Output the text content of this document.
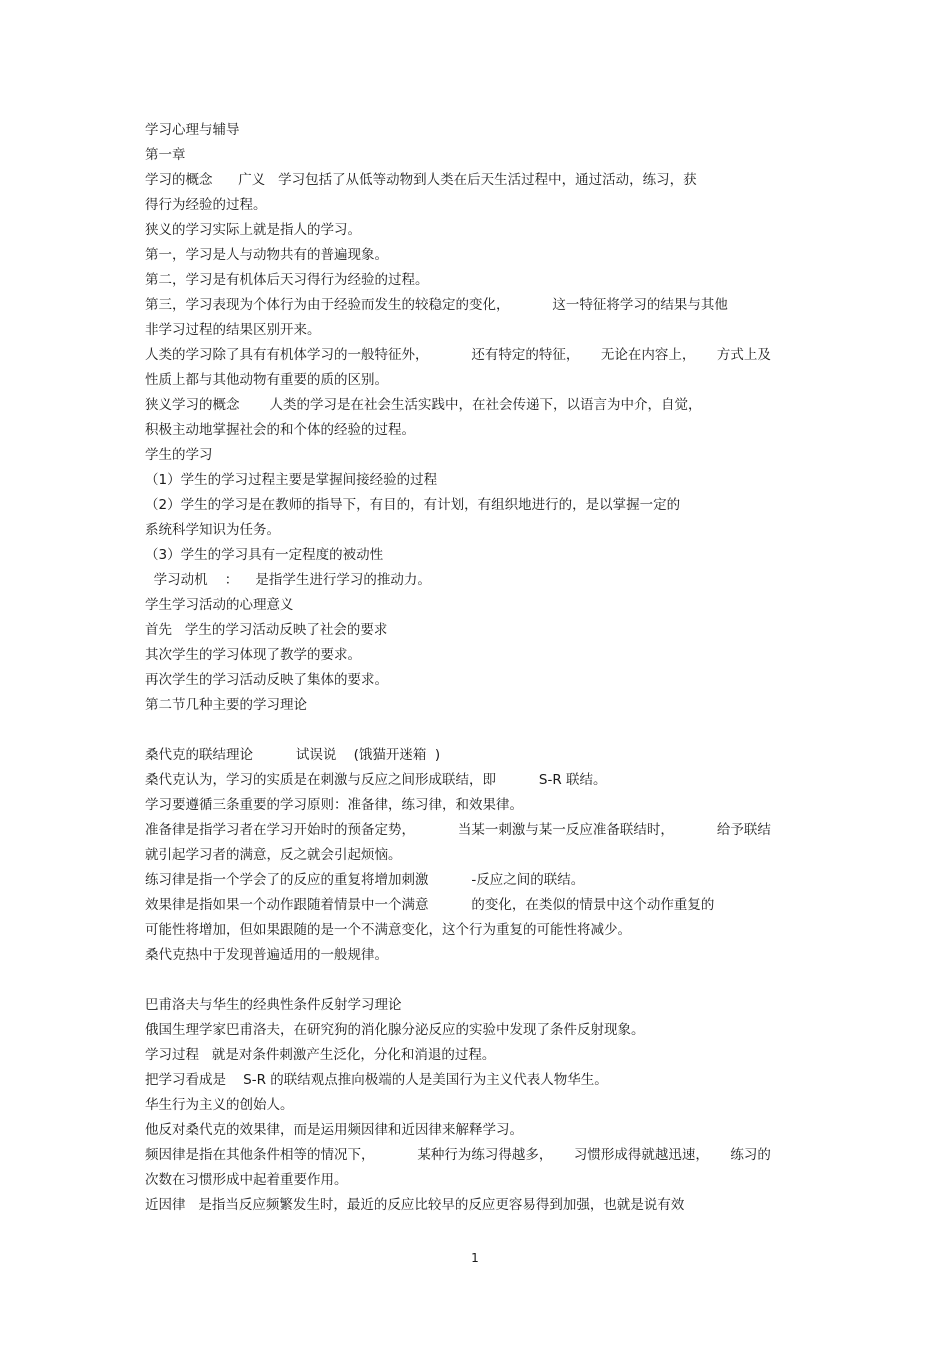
学习心理与辅导
第一章
学习的概念      广义   学习包括了从低等动物到人类在后天生活过程中，通过活动，练习，获
得行为经验的过程。
狭义的学习实际上就是指人的学习。
第一，学习是人与动物共有的普遍现象。
第二，学习是有机体后天习得行为经验的过程。
第三，学习表现为个体行为由于经验而发生的较稳定的变化，          这一特征将学习的结果与其他
非学习过程的结果区别开来。
人类的学习除了具有有机体学习的一般特征外，          还有特定的特征，     无论在内容上，     方式上及
性质上都与其他动物有重要的质的区别。
狭义学习的概念       人类的学习是在社会生活实践中，在社会传递下，以语言为中介，自觉，
积极主动地掌握社会的和个体的经验的过程。
学生的学习
（1）学生的学习过程主要是掌握间接经验的过程
（2）学生的学习是在教师的指导下，有目的，有计划，有组织地进行的，是以掌握一定的
系统科学知识为任务。
（3）学生的学习具有一定程度的被动性
学习动机    ：    是指学生进行学习的推动力。
学生学习活动的心理意义
首先   学生的学习活动反映了社会的要求
其次学生的学习体现了教学的要求。
再次学生的学习活动反映了集体的要求。
第二节几种主要的学习理论
桑代克的联结理论          试误说    (饿猫开迷箱  )
桑代克认为，学习的实质是在刺激与反应之间形成联结，即          S-R 联结。
学习要遵循三条重要的学习原则：准备律，练习律，和效果律。
准备律是指学习者在学习开始时的预备定势，          当某一刺激与某一反应准备联结时，          给予联结
就引起学习者的满意，反之就会引起烦恼。
练习律是指一个学会了的反应的重复将增加刺激          -反应之间的联结。
效果律是指如果一个动作跟随着情景中一个满意          的变化，在类似的情景中这个动作重复的
可能性将增加，但如果跟随的是一个不满意变化，这个行为重复的可能性将减少。
桑代克热中于发现普遍适用的一般规律。
巴甫洛夫与华生的经典性条件反射学习理论
俄国生理学家巴甫洛夫，在研究狗的消化腺分泌反应的实验中发现了条件反射现象。
学习过程   就是对条件刺激产生泛化，分化和消退的过程。
把学习看成是    S-R 的联结观点推向极端的人是美国行为主义代表人物华生。
华生行为主义的创始人。
他反对桑代克的效果律，而是运用频因律和近因律来解释学习。
频因律是指在其他条件相等的情况下，          某种行为练习得越多，     习惯形成得就越迅速，     练习的
次数在习惯形成中起着重要作用。
近因律   是指当反应频繁发生时，最近的反应比较早的反应更容易得到加强，也就是说有效
1
